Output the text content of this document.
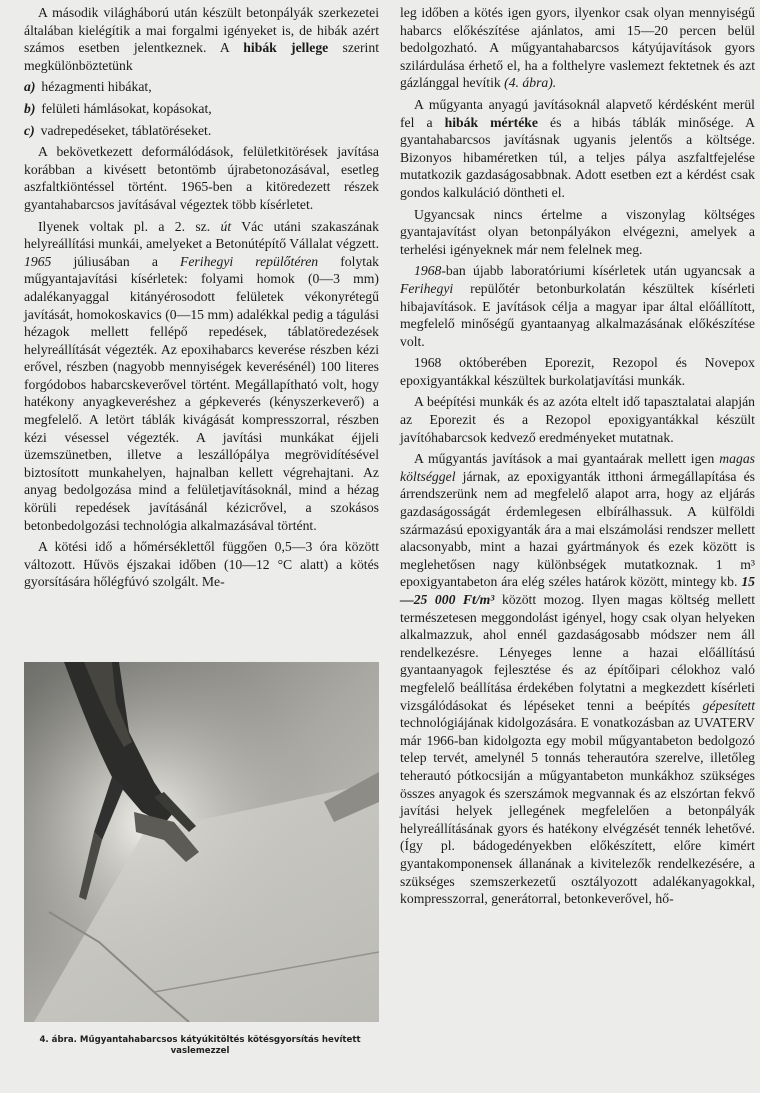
A második világháború után készült betonpályák szerkezetei általában kielégítik a mai forgalmi igényeket is, de hibák azért számos esetben jelentkeznek. A hibák jellege szerint megkülönböztetünk

a) hézagmenti hibákat,

b) felületi hámlásokat, kopásokat,

c) vadrepedéseket, táblatöréseket.

A bekövetkezett deformálódások, felületkitörések javítása korábban a kivésett betontömb újrabetonozásával, esetleg aszfaltkiöntéssel történt. 1965-ben a kitöredezett részek gyantahabarcsos javításával végeztek több kísérletet.

Ilyenek voltak pl. a 2. sz. út Vác utáni szakaszának helyreállítási munkái, amelyeket a Betonútépítő Vállalat végzett. 1965 júliusában a Ferihegyi repülőtéren folytak műgyantajavítási kísérletek: folyami homok (0—3 mm) adalékanyaggal kitányérosodott felületek vékonyrétegű javítását, homokoskavics (0—15 mm) adalékkal pedig a tágulási hézagok mellett fellépő repedések, táblatöredezések helyreállítását végezték. Az epoxihabarcs keverése részben kézi erővel, részben (nagyobb mennyiségek keverésénél) 100 literes forgódobos habarcskeverővel történt. Megállapítható volt, hogy hatékony anyagkeveréshez a gépkeverés (kényszerkeverő) a megfelelő. A letört táblák kivágását kompresszorral, részben kézi vésessel végezték. A javítási munkákat éjjeli üzemszünetben, illetve a leszállópálya megrövidítésével biztosított munkahelyen, hajnalban kellett végrehajtani. Az anyag bedolgozása mind a felületjavításoknál, mind a hézag körüli repedések javításánál kézicrővel, a szokásos betonbedolgozási technológia alkalmazásával történt.

A kötési idő a hőmérséklettől függően 0,5—3 óra között változott. Hűvös éjszakai időben (10—12 °C alatt) a kötés gyorsítására hőlégfúvó szolgált. Me-

4. ábra. Műgyantahabarcsos kátyúkitöltés kötésgyorsítás hevített vaslemezzel

leg időben a kötés igen gyors, ilyenkor csak olyan mennyiségű habarcs előkészítése ajánlatos, ami 15—20 percen belül bedolgozható. A műgyantahabarcsos kátyújavítások gyors szilárdulása érhető el, ha a folthelyre vaslemezt fektetnek és azt gázlánggal hevítik (4. ábra).

A műgyanta anyagú javításoknál alapvető kérdésként merül fel a hibák mértéke és a hibás táblák minősége. A gyantahabarcsos javításnak ugyanis jelentős a költsége. Bizonyos hibaméretken túl, a teljes pálya aszfaltfejelése mutatkozik gazdaságosabbnak. Adott esetben ezt a kérdést csak gondos kalkuláció döntheti el.

Ugyancsak nincs értelme a viszonylag költséges gyantajavítást olyan betonpályákon elvégezni, amelyek a terhelési igényeknek már nem felelnek meg.

1968-ban újabb laboratóriumi kísérletek után ugyancsak a Ferihegyi repülőtér betonburkolatán készültek kísérleti hibajavítások. E javítások célja a magyar ipar által előállított, megfelelő minőségű gyantaanyag alkalmazásának előkészítése volt.

1968 októberében Eporezit, Rezopol és Novepox epoxigyantákkal készültek burkolatjavítási munkák.

A beépítési munkák és az azóta eltelt idő tapasztalatai alapján az Eporezit és a Rezopol epoxigyantákkal készült javítóhabarcsok kedvező eredményeket mutatnak.

A műgyantás javítások a mai gyantaárak mellett igen magas költséggel járnak, az epoxigyanták itthoni ármegállapítása és árrendszerünk nem ad megfelelő alapot arra, hogy az eljárás gazdaságosságát érdemlegesen elbírálhassuk. A külföldi származású epoxigyanták ára a mai elszámolási rendszer mellett alacsonyabb, mint a hazai gyártmányok és ezek között is meglehetősen nagy különbségek mutatkoznak. 1 m³ epoxigyantabeton ára elég széles határok között, mintegy kb. 15—25 000 Ft/m³ között mozog. Ilyen magas költség mellett természetesen meggondolást igényel, hogy csak olyan helyeken alkalmazzuk, ahol ennél gazdaságosabb módszer nem áll rendelkezésre. Lényeges lenne a hazai előállítású gyantaanyagok fejlesztése és az építőipari célokhoz való megfelelő beállítása érdekében folytatni a megkezdett kísérleti vizsgálódásokat és lépéseket tenni a beépítés gépesített technológiájának kidolgozására. E vonatkozásban az UVATERV már 1966-ban kidolgozta egy mobil műgyantabeton bedolgozó telep tervét, amelynél 5 tonnás teherautóra szerelve, illetőleg teherautó pótkocsiján a műgyantabeton munkákhoz szükséges összes anyagok és szerszámok megvannak és az elszórtan fekvő javítási helyek jellegének megfelelően a betonpályák helyreállításának gyors és hatékony elvégzését tennék lehetővé. (Így pl. bádogedényekben előkészített, előre kimért gyantakomponensek állanának a kivitelezők rendelkezésére, a szükséges szemszerkezetű osztályozott adalékanyagokkal, kompresszorral, generátorral, betonkeverővel, hő-
